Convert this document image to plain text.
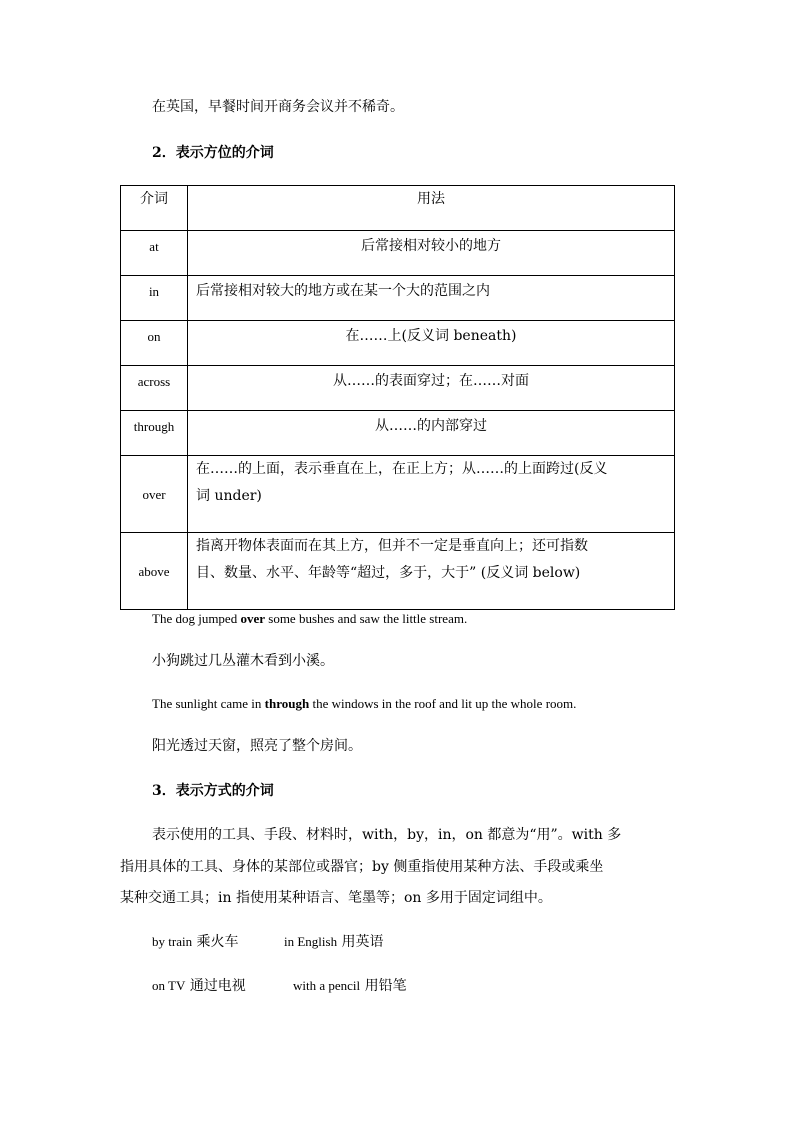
在英国，早餐时间开商务会议并不稀奇。
2．表示方位的介词
介词	用法
at	后常接相对较小的地方
in	后常接相对较大的地方或在某一个大的范围之内
on	在……上(反义词 beneath)
across	从……的表面穿过；在……对面
through	从……的内部穿过
over	在……的上面，表示垂直在上，在正上方；从……的上面跨过(反义
词 under)

above	指离开物体表面而在其上方，但并不一定是垂直向上；还可指数
目、数量、水平、年龄等“超过，多于，大于” (反义词 below)
The dog jumped over some bushes and saw the little stream.
小狗跳过几丛灌木看到小溪。
The sunlight came in through the windows in the roof and lit up the whole room.
阳光透过天窗，照亮了整个房间。
3．表示方式的介词
表示使用的工具、手段、材料时，with，by，in，on 都意为“用”。with 多
指用具体的工具、身体的某部位或器官；by 侧重指使用某种方法、手段或乘坐
某种交通工具；in 指使用某种语言、笔墨等；on 多用于固定词组中。
by train 乘火车	in English 用英语
on TV 通过电视	with a pencil 用铅笔
